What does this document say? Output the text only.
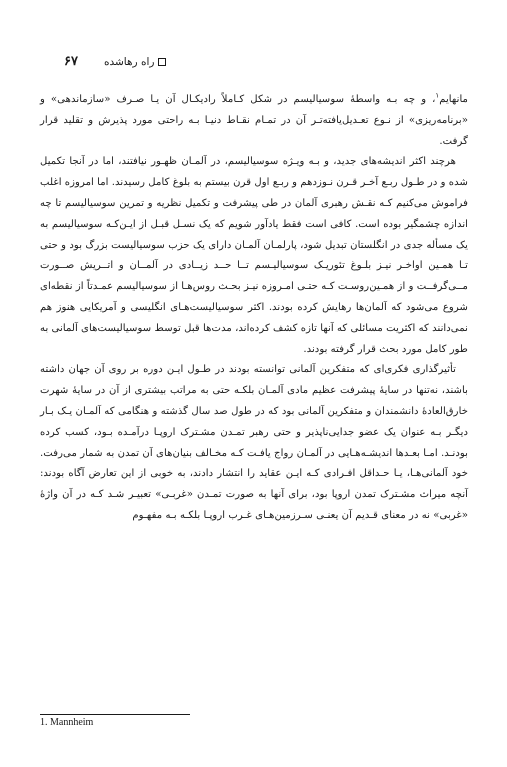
۶۷ راه رهاشده

مانهایم$^۱$، و چه بـه واسطهٔ سوسیالیسم در شکل کـاملاً رادیکـال آن یـا صـرف «سازماندهی» و «برنامه‌ریزی» از نـوع تعـدیل‌یافته‌تـر آن در تمـام نقـاط دنیـا بـه راحتی مورد پذیرش و تقلید قرار گرفت.

هرچند اکثر اندیشه‌های جدید، و بـه ویـژه سوسیالیسم، در آلمـان ظهـور نیافتند، اما در آنجا تکمیل شده و در طـول ربـع آخـر قـرن نـوزدهم و ربـع اول قرن بیستم به بلوغ کامل رسیدند. اما امروزه اغلب فراموش می‌کنیم کـه نقـش رهبری آلمان در طی پیشرفت و تکمیل نظریه و تمرین سوسیالیسم تا چه اندازه چشمگیر بوده است. کافی است فقط یادآور شویم که یک نسـل قبـل از ایـن‌کـه سوسیالیسم به یک مسأله جدی در انگلستان تبدیل شود، پارلمـان آلمـان دارای یک حزب سوسیالیست بزرگ بود و حتی تـا همـین اواخـر نیـز بلـوغ تئوریـک سوسیالیـسم تــا حــد زیــادی در آلمــان و اتــریش صــورت مــی‌گرفــت و از همـین‌روسـت کـه حتـی امـروزه نیـز بحـث روس‌هـا از سوسیالیسم عمـدتاً از نقطه‌ای شروع می‌شود که آلمان‌ها رهایش کرده بودند. اکثر سوسیالیست‌هـای انگلیسی و آمریکایی هنوز هم نمی‌دانند که اکثریت مسائلی که آنها تازه کشف کرده‌اند، مدت‌ها قبل توسط سوسیالیست‌های آلمانی به طور کامل مورد بحث قرار گرفته بودند.

تأثیرگذاری فکری‌ای که متفکرین آلمانی توانسته بودند در طـول ایـن دوره بر روی آن جهان داشته باشند، نه‌تنها در سایهٔ پیشرفت عظیم مادی آلمـان بلکـه حتی به مراتب بیشتری از آن در سایهٔ شهرت خارق‌العادهٔ دانشمندان و متفکرین آلمانی بود که در طول صد سال گذشته و هنگامی که آلمـان یـک بـار دیگـر بـه عنوان یک عضو جدایی‌ناپذیر و حتی رهبر تمـدن مشـترک اروپـا درآمـده بـود، کسب کرده بودنـد. امـا بعـدها اندیشـه‌هـایی در آلمـان رواج یافـت کـه مخـالف بنیان‌های آن تمدن به شمار می‌رفت. خود آلمانی‌هـا، یـا حـداقل افـرادی کـه ایـن عقاید را انتشار دادند، به خوبی از این تعارض آگاه بودند: آنچه میراث مشـترک تمدن اروپا بود، برای آنها به صورت تمـدن «غربـی» تعبیـر شـد کـه در آن واژهٔ «غربی» نه در معنای قـدیم آن یعنـی سـرزمین‌هـای غـرب اروپـا بلکـه بـه مفهـوم

1. Mannheim
